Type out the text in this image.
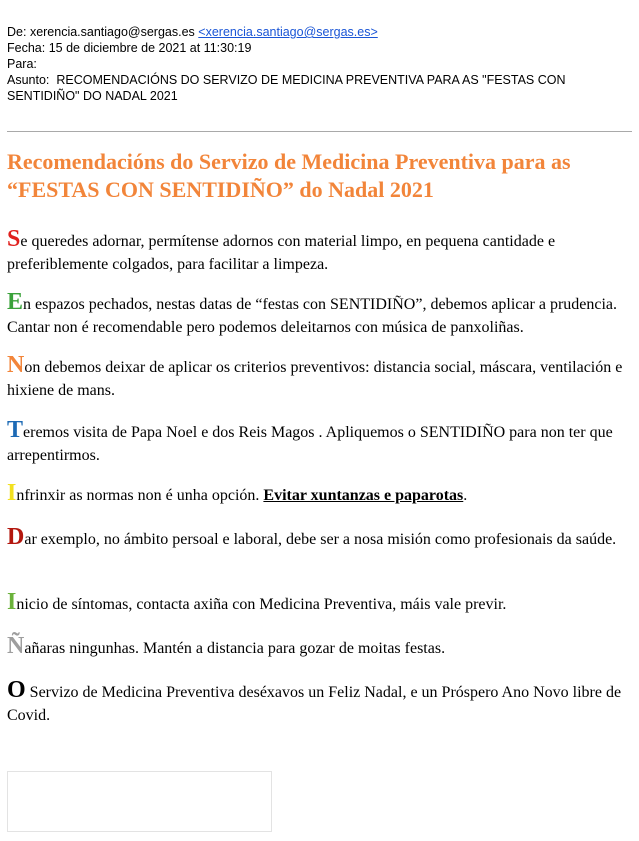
De: xerencia.santiago@sergas.es <xerencia.santiago@sergas.es>
Fecha: 15 de diciembre de 2021 at 11:30:19
Para:
Asunto: RECOMENDACIÓNS DO SERVIZO DE MEDICINA PREVENTIVA PARA AS "FESTAS CON SENTIDIÑO" DO NADAL 2021
Recomendacións do Servizo de Medicina Preventiva para as “FESTAS CON SENTIDIÑO” do Nadal 2021

Se queredes adornar, permítense adornos con material limpo, en pequena cantidade e preferiblemente colgados, para facilitar a limpeza.

En espazos pechados, nestas datas de “festas con SENTIDIÑO”, debemos aplicar a prudencia. Cantar non é recomendable pero podemos deleitarnos con música de panxoliñas.

Non debemos deixar de aplicar os criterios preventivos: distancia social, máscara, ventilación e hixiene de mans.

Teremos visita de Papa Noel e dos Reis Magos . Apliquemos o SENTIDIÑO para non ter que arrepentirmos.

Infrinxir as normas non é unha opción. Evitar xuntanzas e paparotas.

Dar exemplo, no ámbito persoal e laboral, debe ser a nosa misión como profesionais da saúde.

Inicio de síntomas, contacta axiña con Medicina Preventiva, máis vale previr.

Ñañaras ningunhas. Mantén a distancia para gozar de moitas festas.

O Servizo de Medicina Preventiva deséxavos un Feliz Nadal, e un Próspero Ano Novo libre de Covid.
